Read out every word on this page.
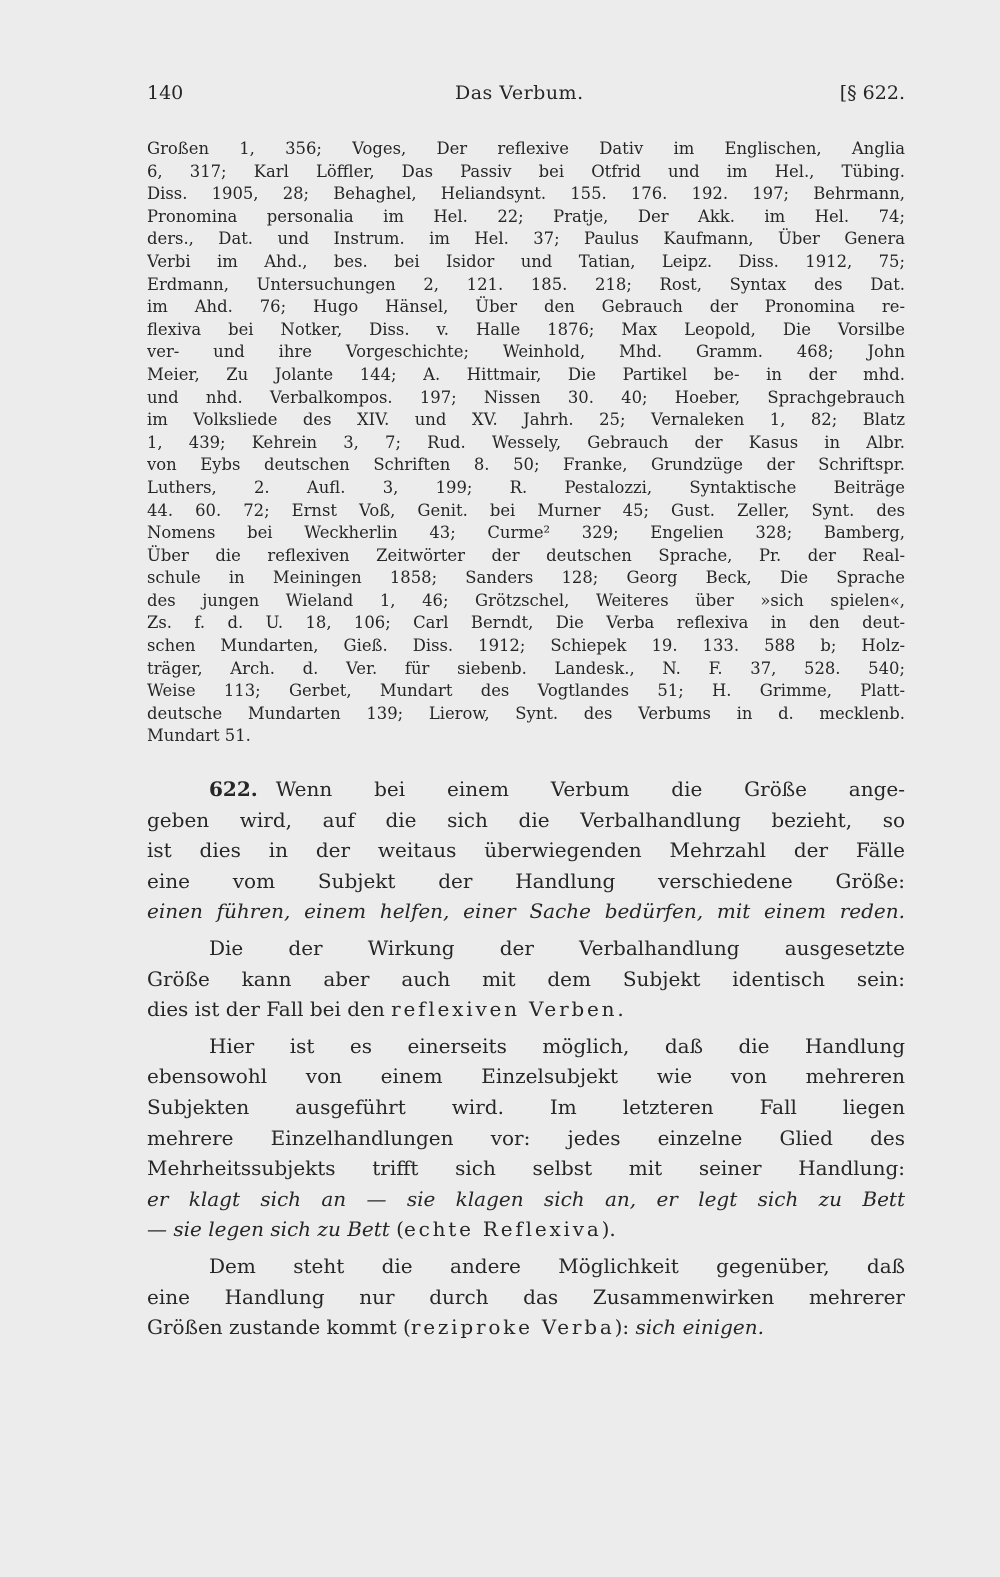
140	Das Verbum.	[§ 622.
Großen 1, 356; Voges, Der reflexive Dativ im Englischen, Anglia
6, 317; Karl Löffler, Das Passiv bei Otfrid und im Hel., Tübing.
Diss. 1905, 28; Behaghel, Heliandsynt. 155. 176. 192. 197; Behrmann,
Pronomina personalia im Hel. 22; Pratje, Der Akk. im Hel. 74;
ders., Dat. und Instrum. im Hel. 37; Paulus Kaufmann, Über Genera
Verbi im Ahd., bes. bei Isidor und Tatian, Leipz. Diss. 1912, 75;
Erdmann, Untersuchungen 2, 121. 185. 218; Rost, Syntax des Dat.
im Ahd. 76; Hugo Hänsel, Über den Gebrauch der Pronomina re-
flexiva bei Notker, Diss. v. Halle 1876; Max Leopold, Die Vorsilbe
ver- und ihre Vorgeschichte; Weinhold, Mhd. Gramm. 468; John
Meier, Zu Jolante 144; A. Hittmair, Die Partikel be- in der mhd.
und nhd. Verbalkompos. 197; Nissen 30. 40; Hoeber, Sprachgebrauch
im Volksliede des XIV. und XV. Jahrh. 25; Vernaleken 1, 82; Blatz
1, 439; Kehrein 3, 7; Rud. Wessely, Gebrauch der Kasus in Albr.
von Eybs deutschen Schriften 8. 50; Franke, Grundzüge der Schriftspr.
Luthers, 2. Aufl. 3, 199; R. Pestalozzi, Syntaktische Beiträge
44. 60. 72; Ernst Voß, Genit. bei Murner 45; Gust. Zeller, Synt. des
Nomens bei Weckherlin 43; Curme² 329; Engelien 328; Bamberg,
Über die reflexiven Zeitwörter der deutschen Sprache, Pr. der Real-
schule in Meiningen 1858; Sanders 128; Georg Beck, Die Sprache
des jungen Wieland 1, 46; Grötzschel, Weiteres über »sich spielen«,
Zs. f. d. U. 18, 106; Carl Berndt, Die Verba reflexiva in den deut-
schen Mundarten, Gieß. Diss. 1912; Schiepek 19. 133. 588 b; Holz-
träger, Arch. d. Ver. für siebenb. Landesk., N. F. 37, 528. 540;
Weise 113; Gerbet, Mundart des Vogtlandes 51; H. Grimme, Platt-
deutsche Mundarten 139; Lierow, Synt. des Verbums in d. mecklenb.
Mundart 51.
622. Wenn bei einem Verbum die Größe ange-
geben wird, auf die sich die Verbalhandlung bezieht, so
ist dies in der weitaus überwiegenden Mehrzahl der Fälle
eine vom Subjekt der Handlung verschiedene Größe:
einen führen, einem helfen, einer Sache bedürfen, mit einem reden.
Die der Wirkung der Verbalhandlung ausgesetzte
Größe kann aber auch mit dem Subjekt identisch sein:
dies ist der Fall bei den reflexiven Verben.
Hier ist es einerseits möglich, daß die Handlung
ebensowohl von einem Einzelsubjekt wie von mehreren
Subjekten ausgeführt wird. Im letzteren Fall liegen
mehrere Einzelhandlungen vor: jedes einzelne Glied des
Mehrheitssubjekts trifft sich selbst mit seiner Handlung:
er klagt sich an — sie klagen sich an, er legt sich zu Bett
— sie legen sich zu Bett (echte Reflexiva).
Dem steht die andere Möglichkeit gegenüber, daß
eine Handlung nur durch das Zusammenwirken mehrerer
Größen zustande kommt (reziproke Verba): sich einigen.
